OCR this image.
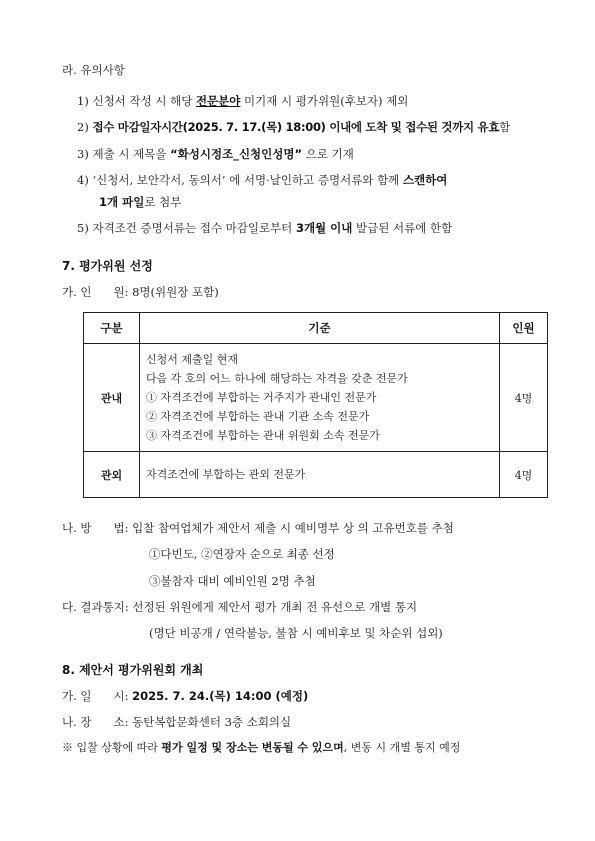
라. 유의사항
1) 신청서 작성 시 해당 전문분야 미기재 시 평가위원(후보자) 제외
2) 접수 마감일자시간(2025. 7. 17.(목) 18:00) 이내에 도착 및 접수된 것까지 유효함
3) 제출 시 제목을 “화성시정조_신청인성명” 으로 기재
4) ‘신청서, 보안각서, 동의서’ 에 서명·날인하고 증명서류와 함께 스캔하여
1개 파일로 첨부
5) 자격조건 증명서류는 접수 마감일로부터 3개월 이내 발급된 서류에 한함
7. 평가위원 선정
가. 인      원: 8명(위원장 포함)
구분	기준	인원
관내	신청서 제출일 현재
다음 각 호의 어느 하나에 해당하는 자격을 갖춘 전문가
① 자격조건에 부합하는 거주지가 관내인 전문가
② 자격조건에 부합하는 관내 기관 소속 전문가
③ 자격조건에 부합하는 관내 위원회 소속 전문가	4명
관외	자격조건에 부합하는 관외 전문가	4명
나. 방      법: 입찰 참여업체가 제안서 제출 시 예비명부 상 의 고유번호를 추첨
①다빈도, ②연장자 순으로 최종 선정
③불참자 대비 예비인원 2명 추첨
다. 결과통지: 선정된 위원에게 제안서 평가 개최 전 유선으로 개별 통지
(명단 비공개 / 연락불능, 불참 시 예비후보 및 차순위 섭외)
8. 제안서 평가위원회 개최
가. 일      시: 2025. 7. 24.(목) 14:00 (예정)
나. 장      소: 동탄복합문화센터 3층 소회의실
※ 입찰 상황에 따라 평가 일정 및 장소는 변동될 수 있으며, 변동 시 개별 통지 예정
